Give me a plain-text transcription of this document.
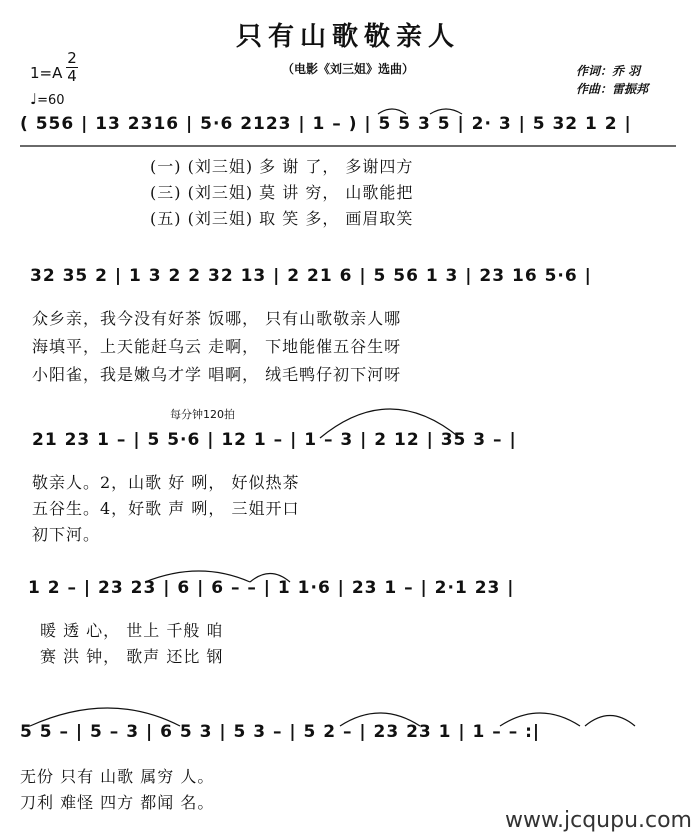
只有山歌敬亲人
（电影《刘三姐》选曲）	作词：乔 羽
作曲：雷振邦
1=A
2
4
♩=60
( 556 | 13 2316 | 5·6 2123 | 1 – ) | 5 5 3 5 | 2· 3 | 5 32 1 2 |
(一) (刘三姐) 多 谢 了， 多谢四方
(三) (刘三姐) 莫 讲 穷， 山歌能把
(五) (刘三姐) 取 笑 多， 画眉取笑
32 35 2 | 1 3 2 2 32 13 | 2 21 6 | 5 56 1 3 | 23 16 5·6 |
众乡亲，我今没有好茶 饭哪， 只有山歌敬亲人哪
海填平，上天能赶乌云 走啊， 下地能催五谷生呀
小阳雀，我是嫩乌才学 唱啊， 绒毛鸭仔初下河呀
每分钟120拍
21 23 1 – | 5 5·6 | 12 1 – | 1 – 3 | 2 12 | 35 3 – |
敬亲人。2，山歌 好 咧， 好似热茶
五谷生。4，好歌 声 咧， 三姐开口
初下河。
1 2 – | 23 23 | 6 | 6 – – | 1 1·6 | 23 1 – | 2·1 23 |
暖 透 心， 世上 千般 咱
赛 洪 钟， 歌声 还比 钢
5 5 – | 5 – 3 | 6 5 3 | 5 3 – | 5 2 – | 23 23 1 | 1 – – :|
无份 只有 山歌 属穷 人。
刀利 难怪 四方 都闻 名。
www.jcqupu.com
